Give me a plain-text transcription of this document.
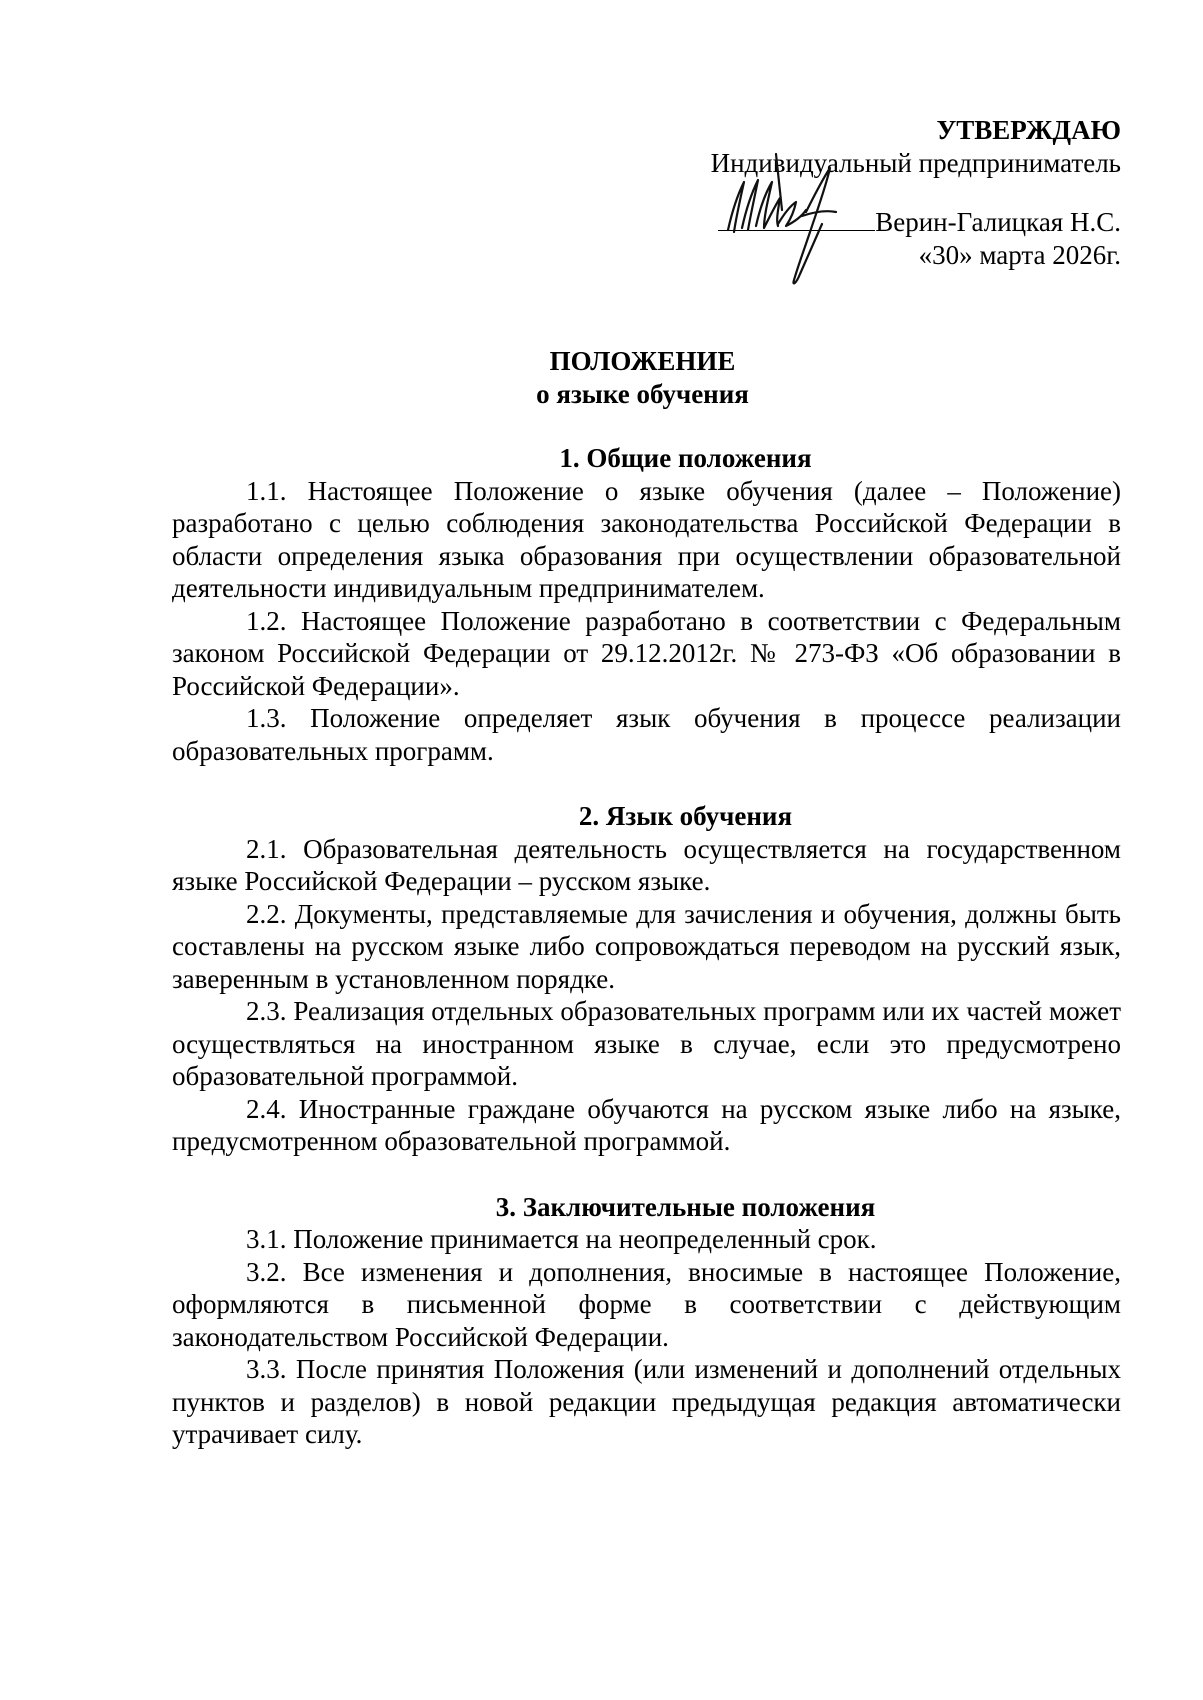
УТВЕРЖДАЮ
Индивидуальный предприниматель
Верин-Галицкая Н.С.
«30» марта 2026г.
ПОЛОЖЕНИЕ
о языке обучения
1. Общие положения

1.1. Настоящее Положение о языке обучения (далее – Положение) разработано с целью соблюдения законодательства Российской Федерации в области определения языка образования при осуществлении образовательной деятельности индивидуальным предпринимателем.

1.2. Настоящее Положение разработано в соответствии с Федеральным законом Российской Федерации от 29.12.2012г. № 273-ФЗ «Об образовании в Российской Федерации».

1.3. Положение определяет язык обучения в процессе реализации образовательных программ.

2. Язык обучения

2.1. Образовательная деятельность осуществляется на государственном языке Российской Федерации – русском языке.

2.2. Документы, представляемые для зачисления и обучения, должны быть составлены на русском языке либо сопровождаться переводом на русский язык, заверенным в установленном порядке.

2.3. Реализация отдельных образовательных программ или их частей может осуществляться на иностранном языке в случае, если это предусмотрено образовательной программой.

2.4. Иностранные граждане обучаются на русском языке либо на языке, предусмотренном образовательной программой.

3. Заключительные положения

3.1. Положение принимается на неопределенный срок.

3.2. Все изменения и дополнения, вносимые в настоящее Положение, оформляются в письменной форме в соответствии с действующим законодательством Российской Федерации.

3.3. После принятия Положения (или изменений и дополнений отдельных пунктов и разделов) в новой редакции предыдущая редакция автоматически утрачивает силу.
